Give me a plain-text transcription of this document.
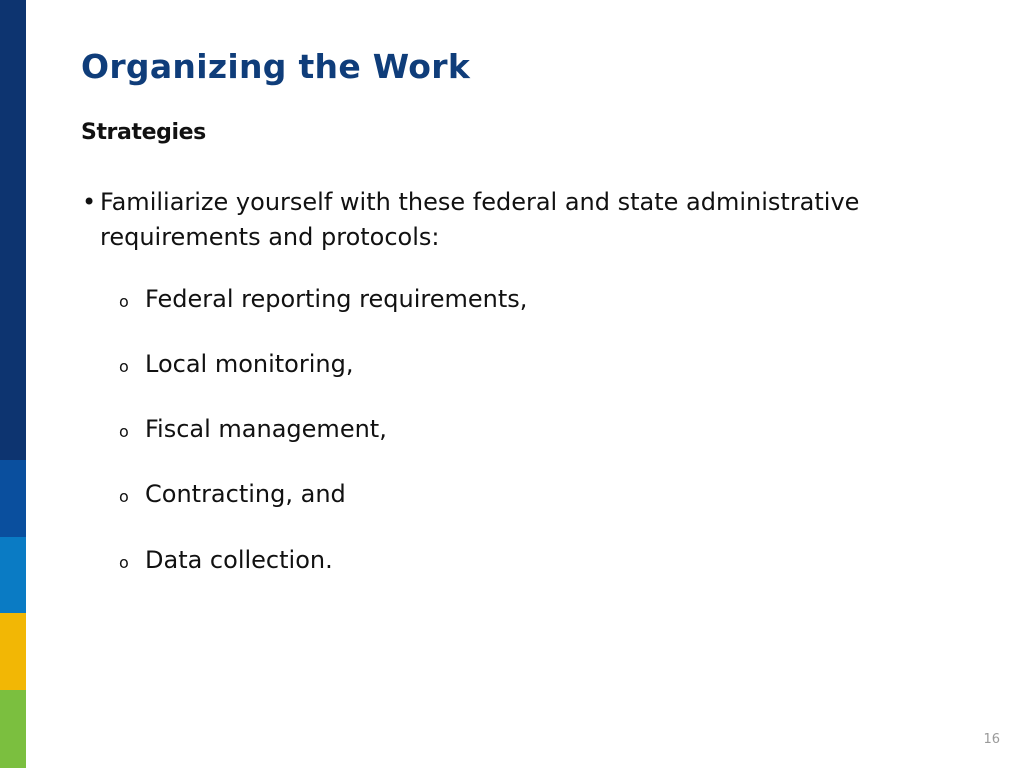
Organizing the Work
Strategies
• Familiarize yourself with these federal and state administrative requirements and protocols:
o Federal reporting requirements,
o Local monitoring,
o Fiscal management,
o Contracting, and
o Data collection.
16
